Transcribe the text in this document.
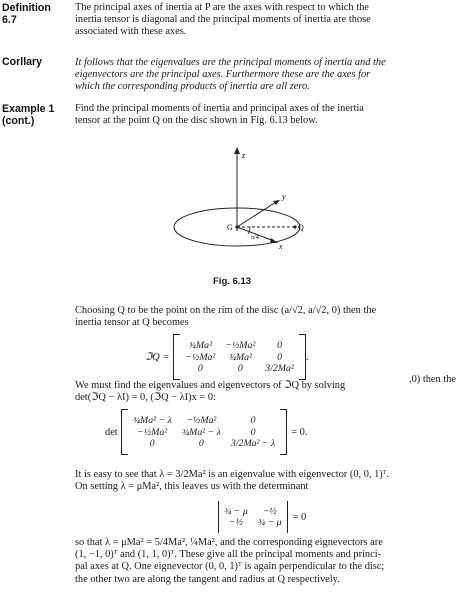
Definition
6.7
The principal axes of inertia at P are the axes with respect to which the
inertia tensor is diagonal and the principal moments of inertia are those
associated with these axes.
Corllary	It follows that the eigenvalues are the principal moments of inertia and the
eigenvectors are the principal axes. Furthermore these are the axes for
which the corresponding products of inertia are all zero.
Example 1
(cont.)
Find the principal moments of inertia and principal axes of the inertia
tensor at the point Q on the disc shown in Fig. 6.13 below.
z
y
x
G	Q
π/4
Fig. 6.13
Choosing Q to be the point on the rim of the disc (a/√2, a/√2, 0) then the
inertia tensor at Q becomes
ℑQ =
¾Ma²	−½Ma²	0
−½Ma²	¾Ma²	0
0	0	3/2Ma²
.
We must find the eigenvalues and eigenvectors of ℑQ by solving
det(ℑQ − λI) = 0, (ℑQ − λI)x = 0:
,0) then the
det
¾Ma² − λ	−½Ma²	0
−½Ma²	¾Ma² − λ	0
0	0	3/2Ma² − λ
= 0.
It is easy to see that λ = 3/2Ma² is an eigenvalue with eigenvector (0, 0, 1)ᵀ.
On setting λ = μMa², this leaves us with the determinant
¾ − μ	−½
−½	¾ − μ
= 0
so that λ = μMa² = 5/4Ma², ¼Ma², and the corresponding eignevectors are
(1, −1, 0)ᵀ and (1, 1, 0)ᵀ. These give all the principal moments and princi-
pal axes at Q. One eignevector (0, 0, 1)ᵀ is again perpendicular to the disc;
the other two are along the tangent and radius at Q respectively.
